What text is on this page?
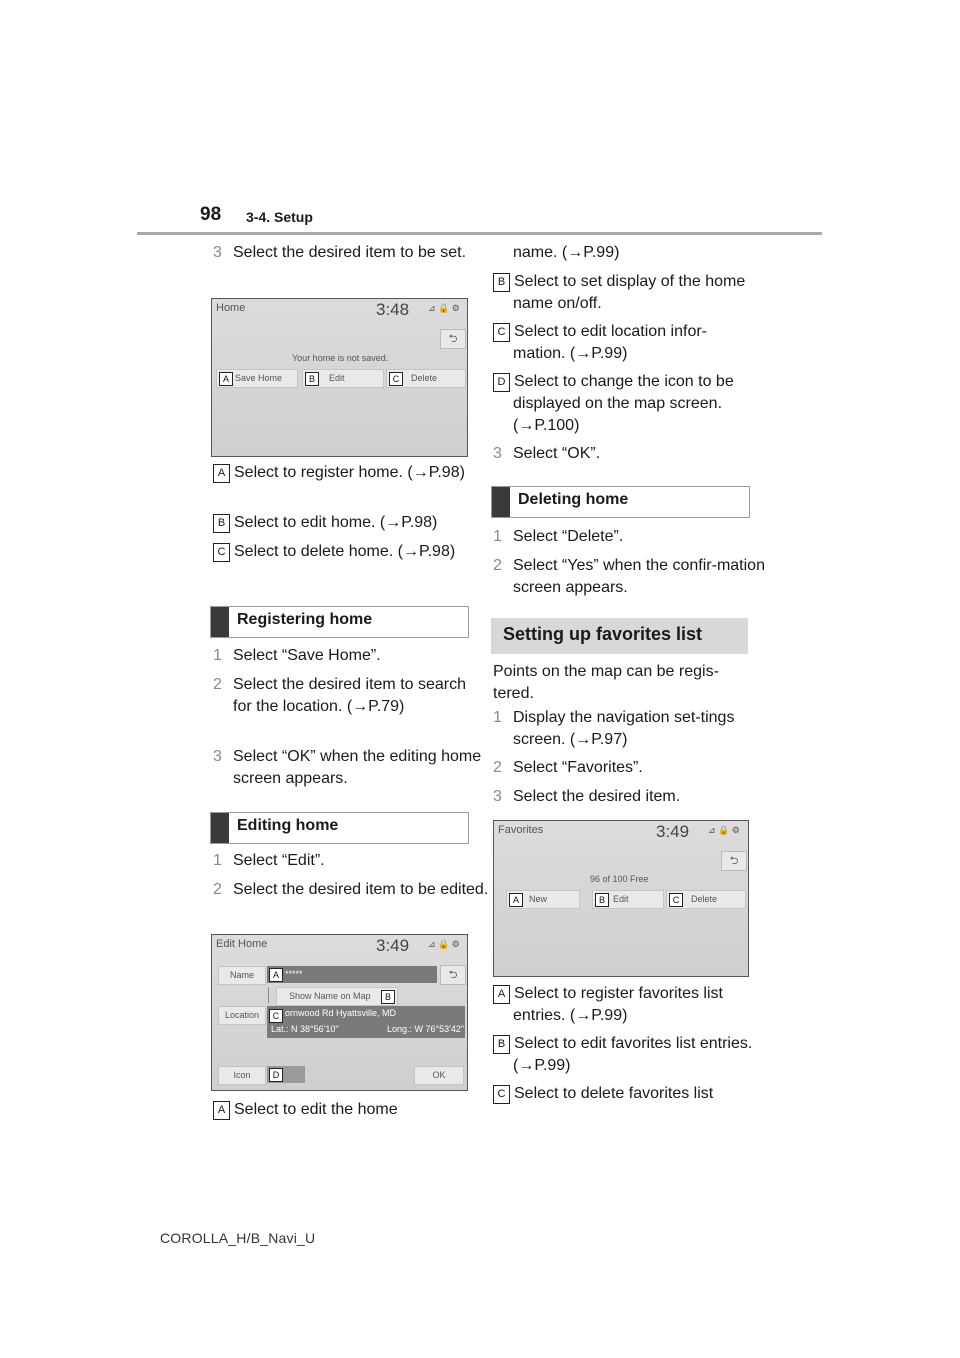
98 3-4. Setup
3 Select the desired item to be set.
Home	3:48 ⊿ 🔒 ⚙
⮌
Your home is not saved.
A Save Home	B	Edit	C	Delete
A Select to register home. (→P.98)
B Select to edit home. (→P.98)
C Select to delete home. (→P.98)
Registering home
1 Select “Save Home”.
2 Select the desired item to search for the location. (→P.79)
3 Select “OK” when the editing home screen appears.
Editing home
1 Select “Edit”.
2 Select the desired item to be edited.
Edit Home	3:49 ⊿ 🔒 ⚙
⮌
Name	A *****
Show Name on Map	B
Location	C ornwood Rd Hyattsville, MD
Lat.: N 38°56'10"	Long.: W 76°53'42"
Icon	D	OK
A Select to edit the home
name. (→P.99)
B Select to set display of the home name on/off.
C Select to edit location infor-mation. (→P.99)
D Select to change the icon to be displayed on the map screen. (→P.100)
3 Select “OK”.
Deleting home
1 Select “Delete”.
2 Select “Yes” when the confir-mation screen appears.
Setting up favorites list
Points on the map can be regis-tered.
1 Display the navigation set-tings screen. (→P.97)
2 Select “Favorites”.
3 Select the desired item.
Favorites	3:49 ⊿ 🔒 ⚙
⮌
96 of 100 Free
A	New	B Edit	C	Delete
A Select to register favorites list entries. (→P.99)
B Select to edit favorites list entries. (→P.99)
C Select to delete favorites list
COROLLA_H/B_Navi_U
